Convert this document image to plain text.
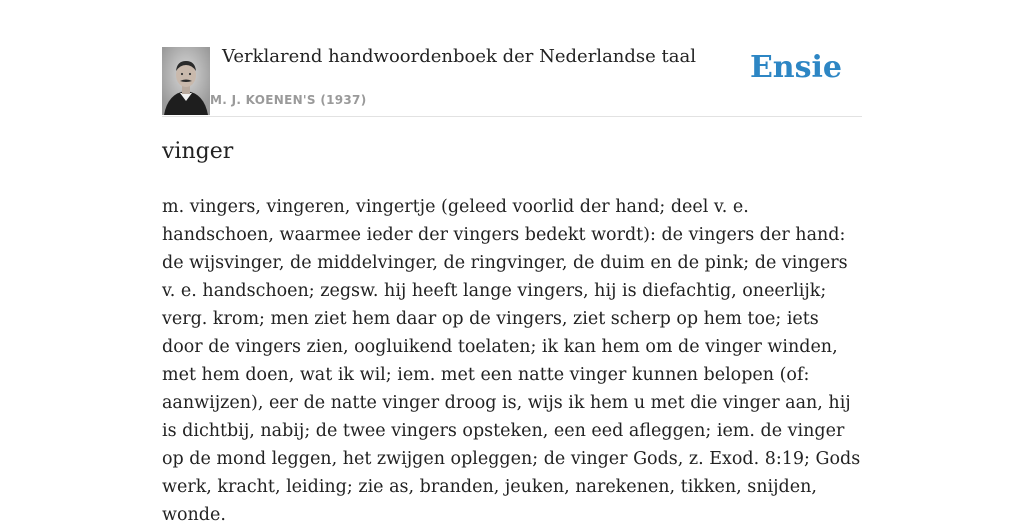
Verklarend handwoordenboek der Nederlandse taal
M. J. KOENEN'S (1937)
Ensie
vinger

m. vingers, vingeren, vingertje (geleed voorlid der hand; deel v. e. handschoen, waarmee ieder der vingers bedekt wordt): de vingers der hand: de wijsvinger, de middelvinger, de ringvinger, de duim en de pink; de vingers v. e. handschoen; zegsw. hij heeft lange vingers, hij is diefachtig, oneerlijk; verg. krom; men ziet hem daar op de vingers, ziet scherp op hem toe; iets door de vingers zien, oogluikend toelaten; ik kan hem om de vinger winden, met hem doen, wat ik wil; iem. met een natte vinger kunnen belopen (of: aanwijzen), eer de natte vinger droog is, wijs ik hem u met die vinger aan, hij is dichtbij, nabij; de twee vingers opsteken, een eed afleggen; iem. de vinger op de mond leggen, het zwijgen opleggen; de vinger Gods, z. Exod. 8:19; Gods werk, kracht, leiding; zie as, branden, jeuken, narekenen, tikken, snijden, wonde.
